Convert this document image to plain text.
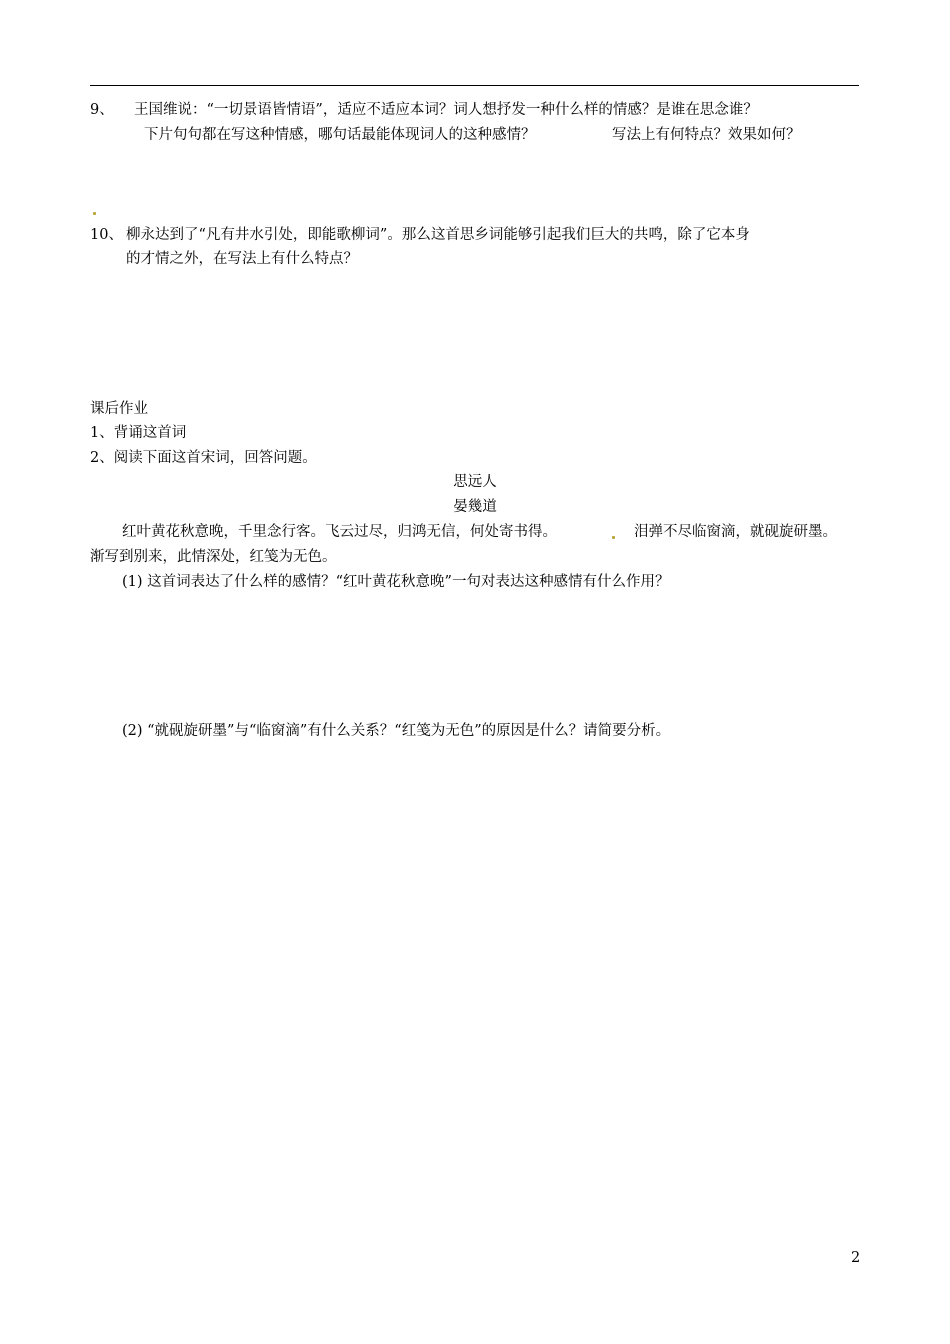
9、 王国维说：“一切景语皆情语”，适应不适应本词？词人想抒发一种什么样的情感？是谁在思念谁？
下片句句都在写这种情感，哪句话最能体现词人的这种感情？	写法上有何特点？效果如何？
10、 柳永达到了“凡有井水引处，即能歌柳词”。那么这首思乡词能够引起我们巨大的共鸣，除了它本身
的才情之外，在写法上有什么特点？
课后作业
1、背诵这首词
2、阅读下面这首宋词，回答问题。
思远人
晏幾道
红叶黄花秋意晚，千里念行客。飞云过尽，归鸿无信，何处寄书得。	泪弹不尽临窗滴，就砚旋研墨。
渐写到别来，此情深处，红笺为无色。
(1) 这首词表达了什么样的感情？“红叶黄花秋意晚”一句对表达这种感情有什么作用？
(2) “就砚旋研墨”与“临窗滴”有什么关系？“红笺为无色”的原因是什么？请简要分析。
2
